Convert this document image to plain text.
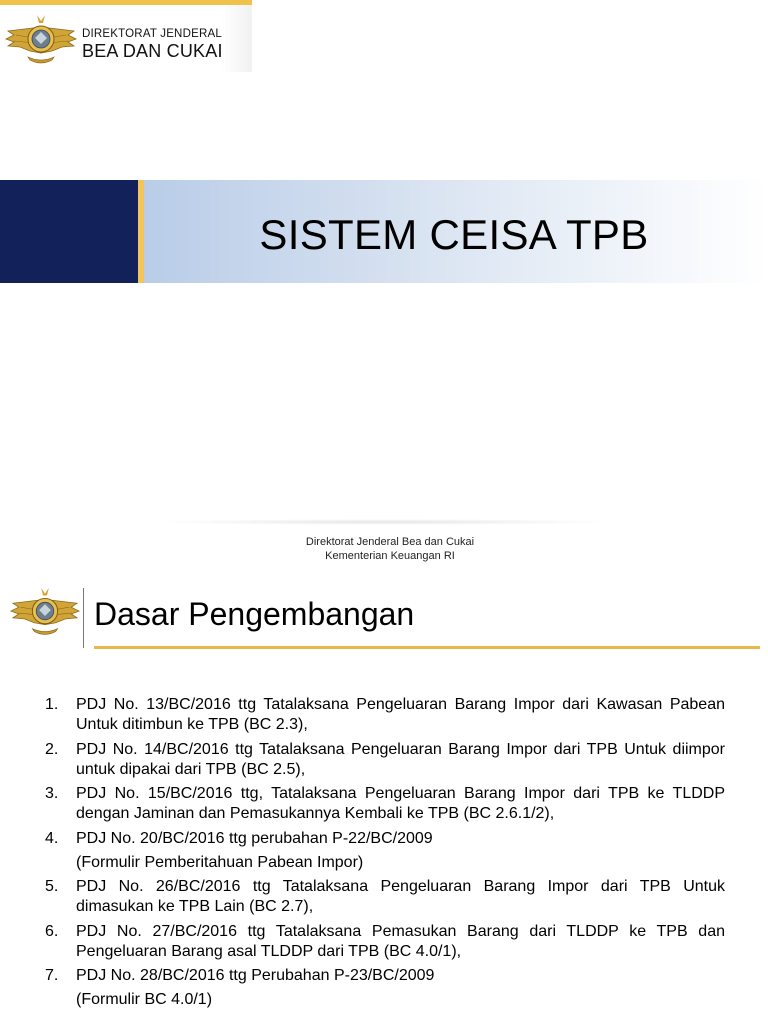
DIREKTORAT JENDERAL
BEA DAN CUKAI
SISTEM CEISA TPB
Direktorat Jenderal Bea dan Cukai
Kementerian Keuangan RI
Dasar Pengembangan
1. PDJ No. 13/BC/2016 ttg Tatalaksana Pengeluaran Barang Impor dari Kawasan Pabean Untuk ditimbun ke TPB (BC 2.3),
2. PDJ No. 14/BC/2016 ttg Tatalaksana Pengeluaran Barang Impor dari TPB Untuk diimpor untuk dipakai dari TPB (BC 2.5),
3. PDJ No. 15/BC/2016 ttg, Tatalaksana Pengeluaran Barang Impor dari TPB ke TLDDP dengan Jaminan dan Pemasukannya Kembali ke TPB (BC 2.6.1/2),
4. PDJ No. 20/BC/2016 ttg perubahan P-22/BC/2009
(Formulir Pemberitahuan Pabean Impor)
5. PDJ No. 26/BC/2016 ttg Tatalaksana Pengeluaran Barang Impor dari TPB Untuk dimasukan ke TPB Lain (BC 2.7),
6. PDJ No. 27/BC/2016 ttg Tatalaksana Pemasukan Barang dari TLDDP ke TPB dan Pengeluaran Barang asal TLDDP dari TPB (BC 4.0/1),
7. PDJ No. 28/BC/2016 ttg Perubahan P-23/BC/2009
(Formulir BC 4.0/1)
